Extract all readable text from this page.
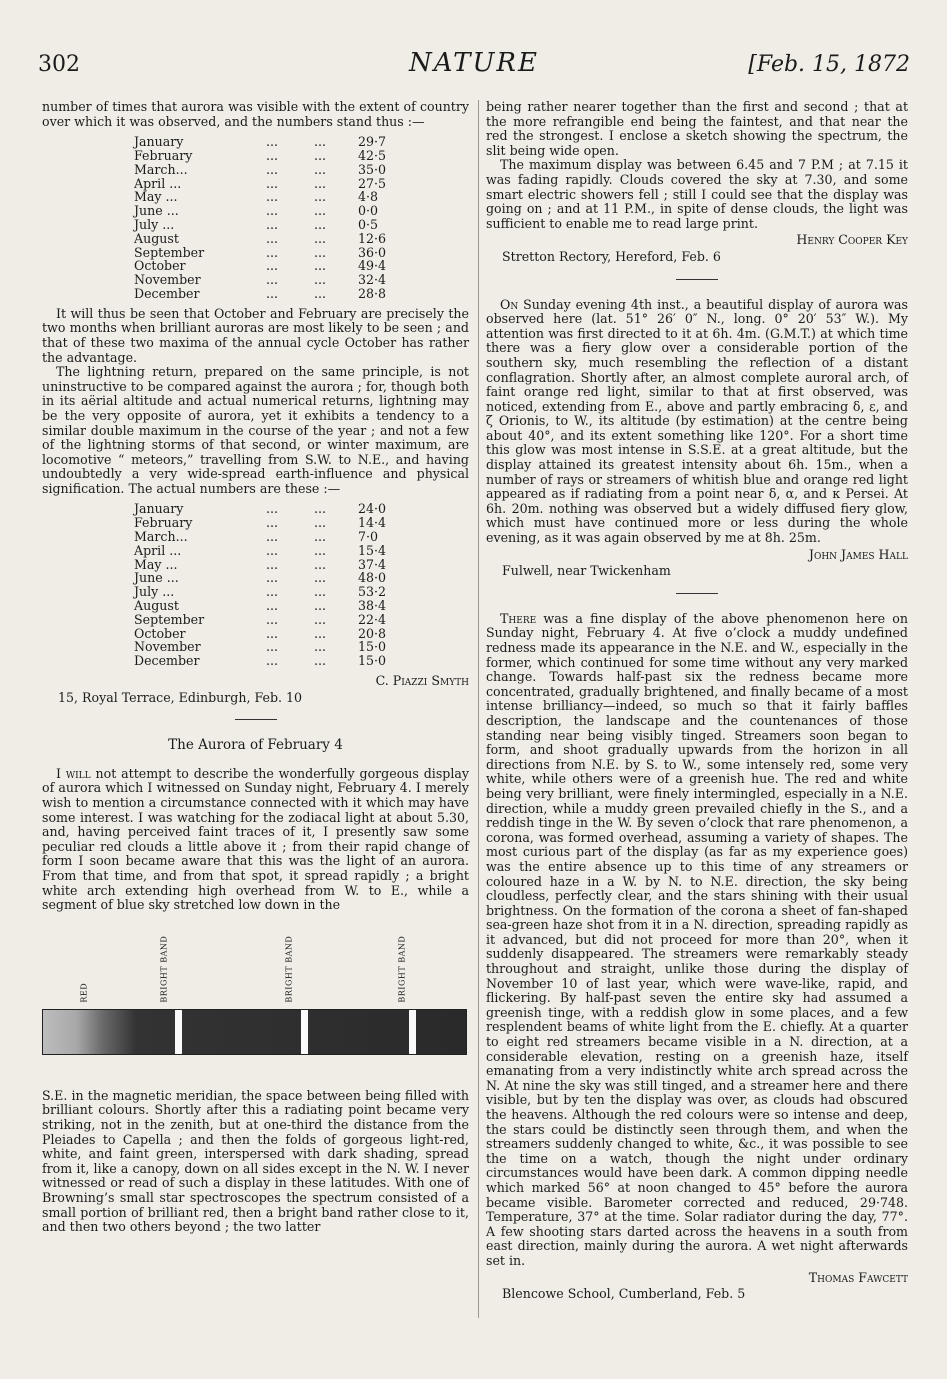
302	NATURE	[Feb. 15, 1872

number of times that aurora was visible with the extent of country over which it was observed, and the numbers stand thus :—

January	...	...	29·7
February	...	...	42·5
March...	...	...	35·0
April ...	...	...	27·5
May ...	...	...	4·8
June ...	...	...	0·0
July ...	...	...	0·5
August	...	...	12·6
September	...	...	36·0
October	...	...	49·4
November	...	...	32·4
December	...	...	28·8

It will thus be seen that October and February are precisely the two months when brilliant auroras are most likely to be seen ; and that of these two maxima of the annual cycle October has rather the advantage.

The lightning return, prepared on the same principle, is not uninstructive to be compared against the aurora ; for, though both in its aërial altitude and actual numerical returns, lightning may be the very opposite of aurora, yet it exhibits a tendency to a similar double maximum in the course of the year ; and not a few of the lightning storms of that second, or winter maximum, are locomotive “ meteors,” travelling from S.W. to N.E., and having undoubtedly a very wide-spread earth-influence and physical signification. The actual numbers are these :—

January	...	...	24·0
February	...	...	14·4
March...	...	...	7·0
April ...	...	...	15·4
May ...	...	...	37·4
June ...	...	...	48·0
July ...	...	...	53·2
August	...	...	38·4
September	...	...	22·4
October	...	...	20·8
November	...	...	15·0
December	...	...	15·0
C. Piazzi Smyth
15, Royal Terrace, Edinburgh, Feb. 10
The Aurora of February 4

I will not attempt to describe the wonderfully gorgeous display of aurora which I witnessed on Sunday night, February 4. I merely wish to mention a circumstance connected with it which may have some interest. I was watching for the zodiacal light at about 5.30, and, having perceived faint traces of it, I presently saw some peculiar red clouds a little above it ; from their rapid change of form I soon became aware that this was the light of an aurora. From that time, and from that spot, it spread rapidly ; a bright white arch extending high overhead from W. to E., while a segment of blue sky stretched low down in the

RED	BRIGHT BAND	BRIGHT BAND	BRIGHT BAND

S.E. in the magnetic meridian, the space between being filled with brilliant colours. Shortly after this a radiating point became very striking, not in the zenith, but at one-third the distance from the Pleiades to Capella ; and then the folds of gorgeous light-red, white, and faint green, interspersed with dark shading, spread from it, like a canopy, down on all sides except in the N. W. I never witnessed or read of such a display in these latitudes. With one of Browning’s small star spectroscopes the spectrum consisted of a small portion of brilliant red, then a bright band rather close to it, and then two others beyond ; the two latter

being rather nearer together than the first and second ; that at the more refrangible end being the faintest, and that near the red the strongest. I enclose a sketch showing the spectrum, the slit being wide open.

The maximum display was between 6.45 and 7 P.M ; at 7.15 it was fading rapidly. Clouds covered the sky at 7.30, and some smart electric showers fell ; still I could see that the display was going on ; and at 11 P.M., in spite of dense clouds, the light was sufficient to enable me to read large print.

Henry Cooper Key
Stretton Rectory, Hereford, Feb. 6

On Sunday evening 4th inst., a beautiful display of aurora was observed here (lat. 51° 26′ 0″ N., long. 0° 20′ 53″ W.). My attention was first directed to it at 6h. 4m. (G.M.T.) at which time there was a fiery glow over a considerable portion of the southern sky, much resembling the reflection of a distant conflagration. Shortly after, an almost complete auroral arch, of faint orange red light, similar to that at first observed, was noticed, extending from E., above and partly embracing δ, ε, and ζ Orionis, to W., its altitude (by estimation) at the centre being about 40°, and its extent something like 120°. For a short time this glow was most intense in S.S.E. at a great altitude, but the display attained its greatest intensity about 6h. 15m., when a number of rays or streamers of whitish blue and orange red light appeared as if radiating from a point near δ, α, and κ Persei. At 6h. 20m. nothing was observed but a widely diffused fiery glow, which must have continued more or less during the whole evening, as it was again observed by me at 8h. 25m.

John James Hall
Fulwell, near Twickenham

There was a fine display of the above phenomenon here on Sunday night, February 4. At five o’clock a muddy undefined redness made its appearance in the N.E. and W., especially in the former, which continued for some time without any very marked change. Towards half-past six the redness became more concentrated, gradually brightened, and finally became of a most intense brilliancy—indeed, so much so that it fairly baffles description, the landscape and the countenances of those standing near being visibly tinged. Streamers soon began to form, and shoot gradually upwards from the horizon in all directions from N.E. by S. to W., some intensely red, some very white, while others were of a greenish hue. The red and white being very brilliant, were finely intermingled, especially in a N.E. direction, while a muddy green prevailed chiefly in the S., and a reddish tinge in the W. By seven o’clock that rare phenomenon, a corona, was formed overhead, assuming a variety of shapes. The most curious part of the display (as far as my experience goes) was the entire absence up to this time of any streamers or coloured haze in a W. by N. to N.E. direction, the sky being cloudless, perfectly clear, and the stars shining with their usual brightness. On the formation of the corona a sheet of fan-shaped sea-green haze shot from it in a N. direction, spreading rapidly as it advanced, but did not proceed for more than 20°, when it suddenly disappeared. The streamers were remarkably steady throughout and straight, unlike those during the display of November 10 of last year, which were wave-like, rapid, and flickering. By half-past seven the entire sky had assumed a greenish tinge, with a reddish glow in some places, and a few resplendent beams of white light from the E. chiefly. At a quarter to eight red streamers became visible in a N. direction, at a considerable elevation, resting on a greenish haze, itself emanating from a very indistinctly white arch spread across the N. At nine the sky was still tinged, and a streamer here and there visible, but by ten the display was over, as clouds had obscured the heavens. Although the red colours were so intense and deep, the stars could be distinctly seen through them, and when the streamers suddenly changed to white, &c., it was possible to see the time on a watch, though the night under ordinary circumstances would have been dark. A common dipping needle which marked 56° at noon changed to 45° before the aurora became visible. Barometer corrected and reduced, 29·748. Temperature, 37° at the time. Solar radiator during the day, 77°. A few shooting stars darted across the heavens in a south from east direction, mainly during the aurora. A wet night afterwards set in.

Thomas Fawcett
Blencowe School, Cumberland, Feb. 5
